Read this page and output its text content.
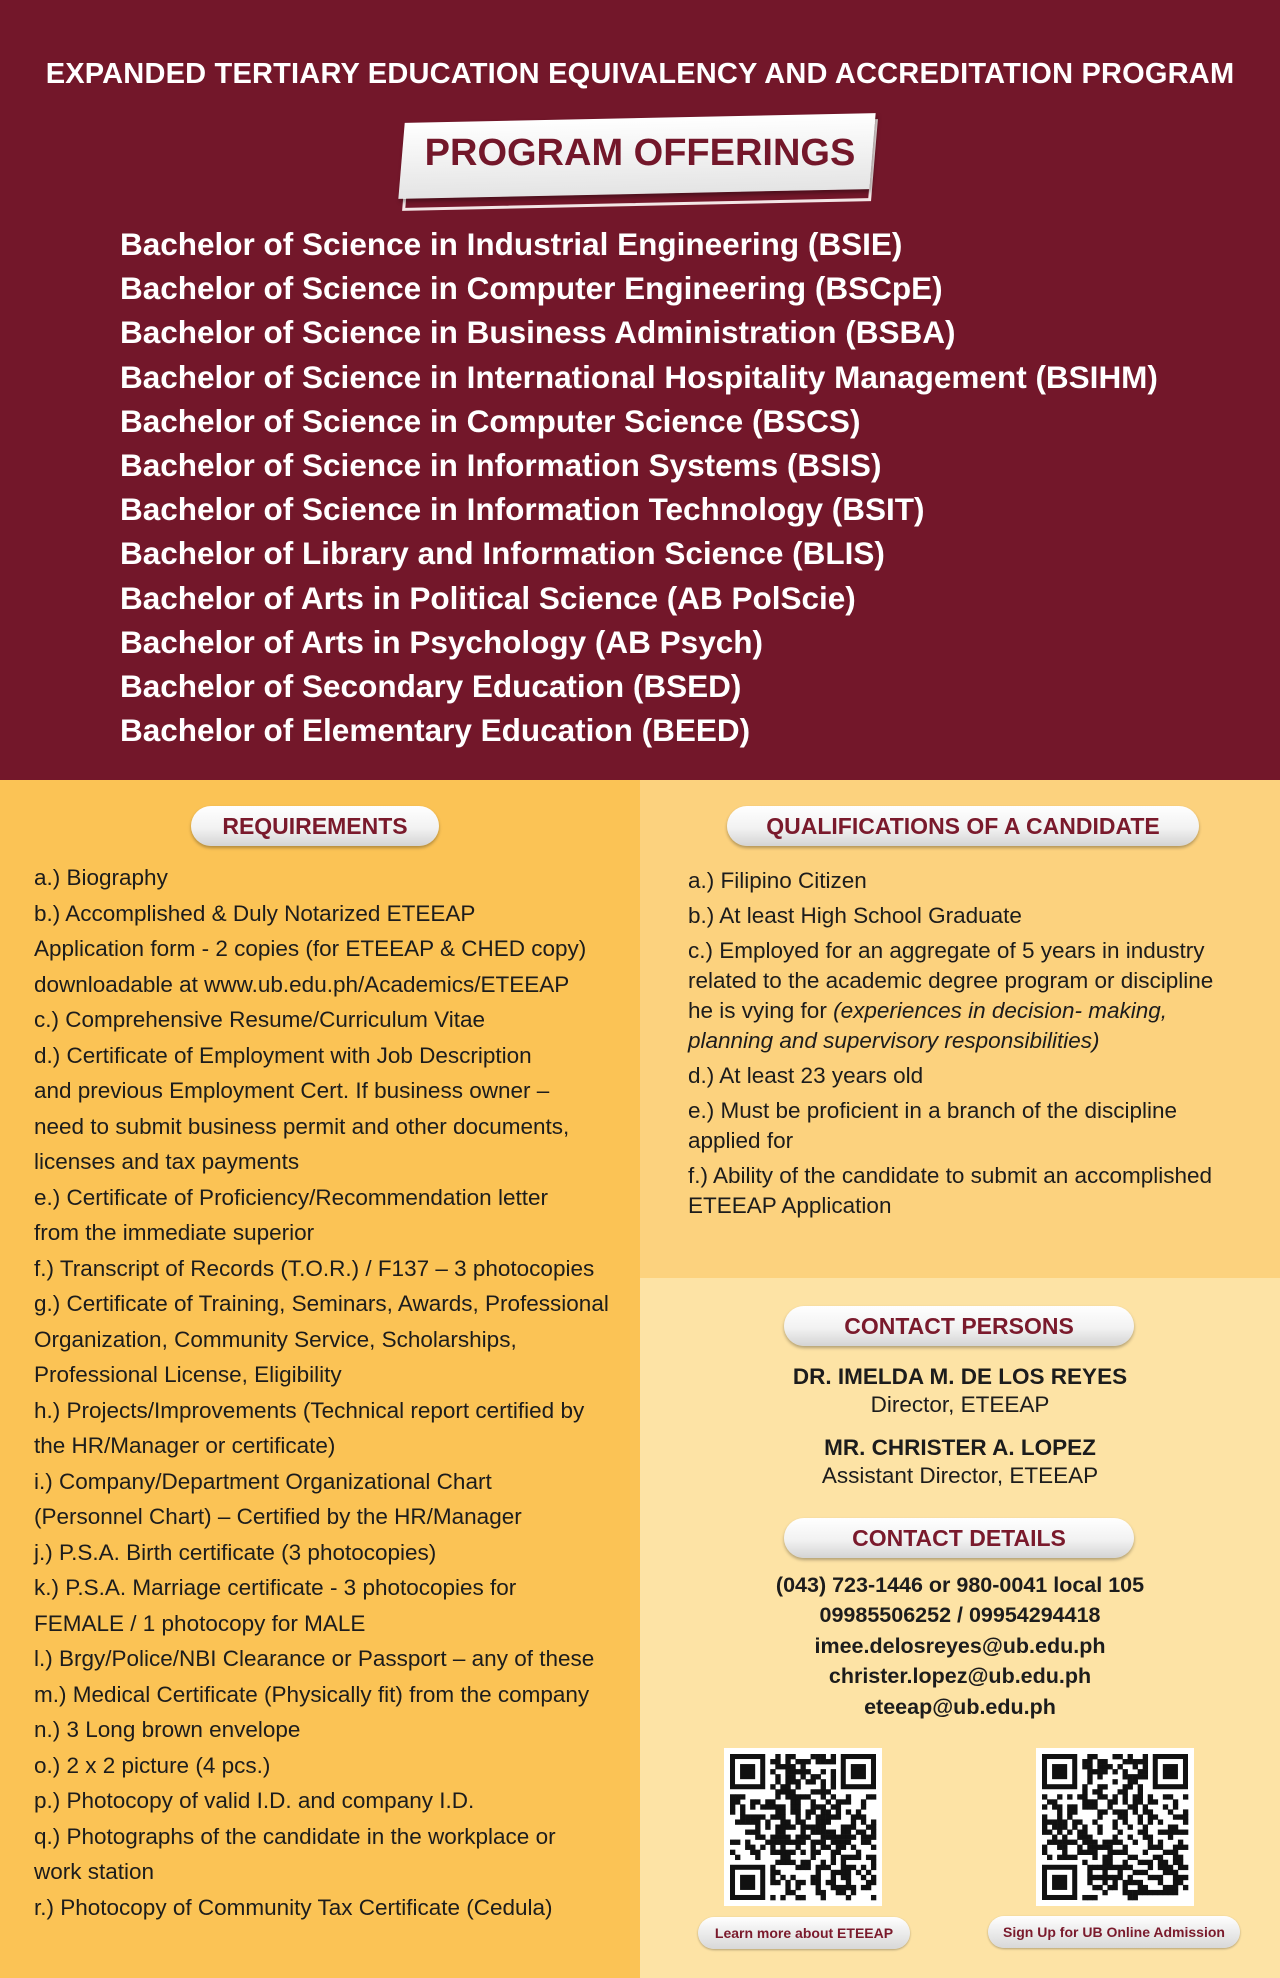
EXPANDED TERTIARY EDUCATION EQUIVALENCY AND ACCREDITATION PROGRAM
PROGRAM OFFERINGS
Bachelor of Science in Industrial Engineering (BSIE)
Bachelor of Science in Computer Engineering (BSCpE)
Bachelor of Science in Business Administration (BSBA)
Bachelor of Science in International Hospitality Management (BSIHM)
Bachelor of Science in Computer Science (BSCS)
Bachelor of Science in Information Systems (BSIS)
Bachelor of Science in Information Technology (BSIT)
Bachelor of Library and Information Science (BLIS)
Bachelor of Arts in Political Science (AB PolScie)
Bachelor of Arts in Psychology (AB Psych)
Bachelor of Secondary Education (BSED)
Bachelor of Elementary Education (BEED)
REQUIREMENTS
a.) Biography
b.) Accomplished & Duly Notarized ETEEAP
Application form - 2 copies (for ETEEAP & CHED copy)
downloadable at www.ub.edu.ph/Academics/ETEEAP
c.) Comprehensive Resume/Curriculum Vitae
d.) Certificate of Employment with Job Description
and previous Employment Cert. If business owner –
need to submit business permit and other documents,
licenses and tax payments
e.) Certificate of Proficiency/Recommendation letter
from the immediate superior
f.) Transcript of Records (T.O.R.) / F137 – 3 photocopies
g.) Certificate of Training, Seminars, Awards, Professional
Organization, Community Service, Scholarships,
Professional License, Eligibility
h.) Projects/Improvements (Technical report certified by
the HR/Manager or certificate)
i.) Company/Department Organizational Chart
(Personnel Chart) – Certified by the HR/Manager
j.) P.S.A. Birth certificate (3 photocopies)
k.) P.S.A. Marriage certificate - 3 photocopies for
FEMALE / 1 photocopy for MALE
l.) Brgy/Police/NBI Clearance or Passport – any of these
m.) Medical Certificate (Physically fit) from the company
n.) 3 Long brown envelope
o.) 2 x 2 picture (4 pcs.)
p.) Photocopy of valid I.D. and company I.D.
q.) Photographs of the candidate in the workplace or
work station
r.) Photocopy of Community Tax Certificate (Cedula)
QUALIFICATIONS OF A CANDIDATE
a.) Filipino Citizen
b.) At least High School Graduate
c.) Employed for an aggregate of 5 years in industry
related to the academic degree program or discipline
he is vying for (experiences in decision- making,
planning and supervisory responsibilities)
d.) At least 23 years old
e.) Must be proficient in a branch of the discipline
applied for
f.) Ability of the candidate to submit an accomplished
ETEEAP Application
CONTACT PERSONS
DR. IMELDA M. DE LOS REYES
Director, ETEEAP
MR. CHRISTER A. LOPEZ
Assistant Director, ETEEAP
CONTACT DETAILS
(043) 723-1446 or 980-0041 local 105
09985506252 / 09954294418
imee.delosreyes@ub.edu.ph
christer.lopez@ub.edu.ph
eteeap@ub.edu.ph
Learn more about ETEEAP	Sign Up for UB Online Admission
